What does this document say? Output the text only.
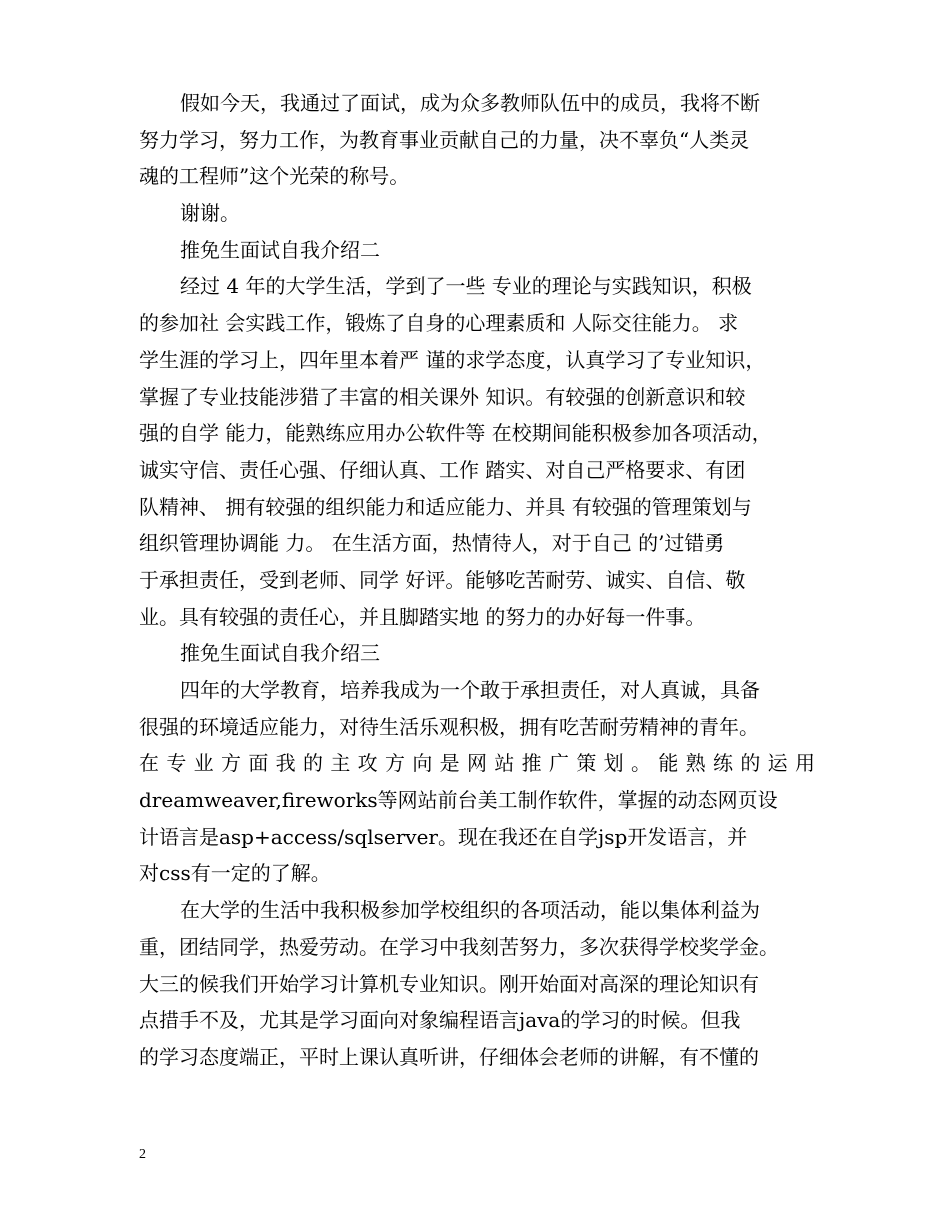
假如今天，我通过了面试，成为众多教师队伍中的成员，我将不断

努力学习，努力工作，为教育事业贡献自己的力量，决不辜负“人类灵

魂的工程师”这个光荣的称号。

谢谢。

推免生面试自我介绍二

经过 4 年的大学生活，学到了一些 专业的理论与实践知识，积极

的参加社 会实践工作，锻炼了自身的心理素质和 人际交往能力。 求

学生涯的学习上，四年里本着严 谨的求学态度，认真学习了专业知识，

掌握了专业技能涉猎了丰富的相关课外 知识。有较强的创新意识和较

强的自学 能力，能熟练应用办公软件等 在校期间能积极参加各项活动，

诚实守信、责任心强、仔细认真、工作 踏实、对自己严格要求、有团

队精神、 拥有较强的组织能力和适应能力、并具 有较强的管理策划与

组织管理协调能 力。 在生活方面，热情待人，对于自己 的’过错勇

于承担责任，受到老师、同学 好评。能够吃苦耐劳、诚实、自信、敬

业。具有较强的责任心，并且脚踏实地 的努力的办好每一件事。

推免生面试自我介绍三

四年的大学教育，培养我成为一个敢于承担责任，对人真诚，具备

很强的环境适应能力，对待生活乐观积极，拥有吃苦耐劳精神的青年。

在专业方面我的主攻方向是网站推广策划。能熟练的运用

dreamweaver,fireworks等网站前台美工制作软件，掌握的动态网页设

计语言是asp+access/sqlserver。现在我还在自学jsp开发语言，并

对css有一定的了解。

在大学的生活中我积极参加学校组织的各项活动，能以集体利益为

重，团结同学，热爱劳动。在学习中我刻苦努力，多次获得学校奖学金。

大三的候我们开始学习计算机专业知识。刚开始面对高深的理论知识有

点措手不及，尤其是学习面向对象编程语言java的学习的时候。但我

的学习态度端正，平时上课认真听讲，仔细体会老师的讲解，有不懂的

2
